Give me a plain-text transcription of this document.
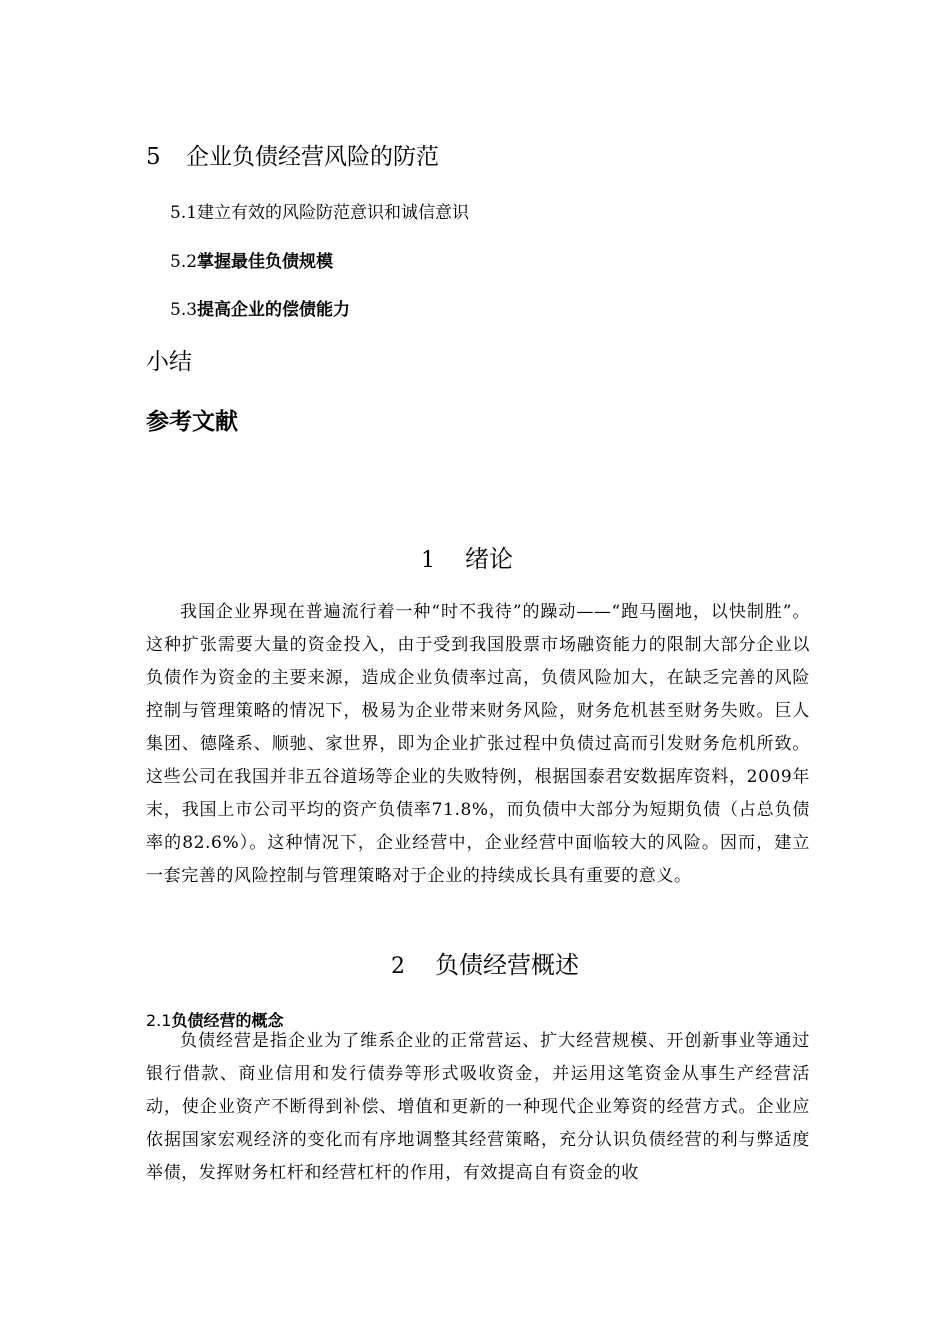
5 企业负债经营风险的防范
5.1建立有效的风险防范意识和诚信意识
5.2掌握最佳负债规模
5.3提高企业的偿债能力
小结
参考文献
1 绪论

我国企业界现在普遍流行着一种“时不我待”的躁动——“跑马圈地，以快制胜”。这种扩张需要大量的资金投入，由于受到我国股票市场融资能力的限制大部分企业以负债作为资金的主要来源，造成企业负债率过高，负债风险加大，在缺乏完善的风险控制与管理策略的情况下，极易为企业带来财务风险，财务危机甚至财务失败。巨人集团、德隆系、顺驰、家世界，即为企业扩张过程中负债过高而引发财务危机所致。这些公司在我国并非五谷道场等企业的失败特例，根据国泰君安数据库资料，2009年末，我国上市公司平均的资产负债率71.8%，而负债中大部分为短期负债（占总负债率的82.6%）。这种情况下，企业经营中，企业经营中面临较大的风险。因而，建立一套完善的风险控制与管理策略对于企业的持续成长具有重要的意义。

2 负债经营概述
2.1负债经营的概念

负债经营是指企业为了维系企业的正常营运、扩大经营规模、开创新事业等通过银行借款、商业信用和发行债券等形式吸收资金，并运用这笔资金从事生产经营活动，使企业资产不断得到补偿、增值和更新的一种现代企业筹资的经营方式。企业应依据国家宏观经济的变化而有序地调整其经营策略，充分认识负债经营的利与弊适度举债，发挥财务杠杆和经营杠杆的作用，有效提高自有资金的收
